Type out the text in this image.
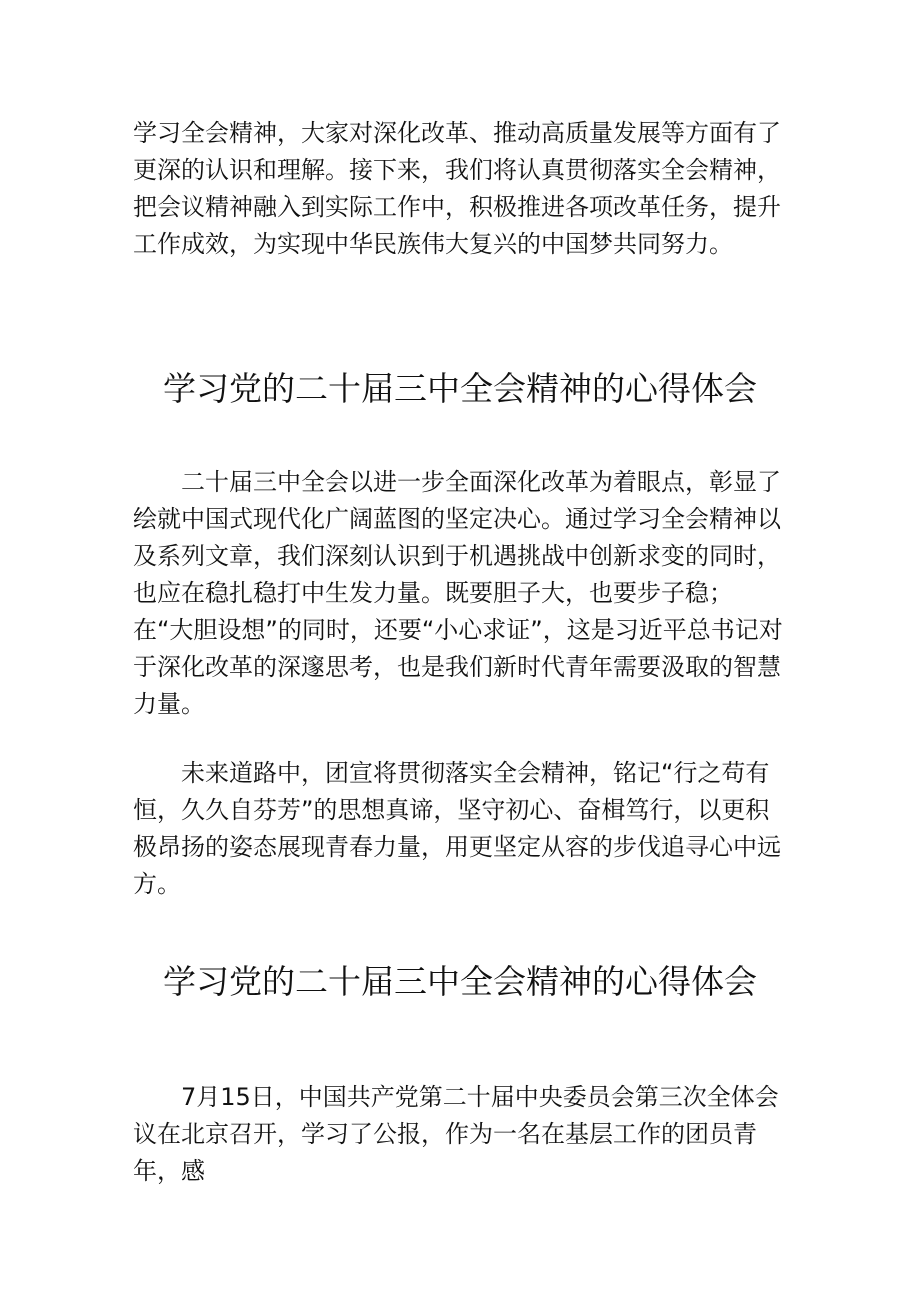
学习全会精神，大家对深化改革、推动高质量发展等方面有了更深的认识和理解。接下来，我们将认真贯彻落实全会精神，把会议精神融入到实际工作中，积极推进各项改革任务，提升工作成效，为实现中华民族伟大复兴的中国梦共同努力。

学习党的二十届三中全会精神的心得体会

二十届三中全会以进一步全面深化改革为着眼点，彰显了绘就中国式现代化广阔蓝图的坚定决心。通过学习全会精神以及系列文章，我们深刻认识到于机遇挑战中创新求变的同时，也应在稳扎稳打中生发力量。既要胆子大，也要步子稳；在“大胆设想”的同时，还要“小心求证”，这是习近平总书记对于深化改革的深邃思考，也是我们新时代青年需要汲取的智慧力量。

未来道路中，团宣将贯彻落实全会精神，铭记“行之苟有恒，久久自芬芳”的思想真谛，坚守初心、奋楫笃行，以更积极昂扬的姿态展现青春力量，用更坚定从容的步伐追寻心中远方。

学习党的二十届三中全会精神的心得体会

7月15日，中国共产党第二十届中央委员会第三次全体会议在北京召开，学习了公报，作为一名在基层工作的团员青年，感
